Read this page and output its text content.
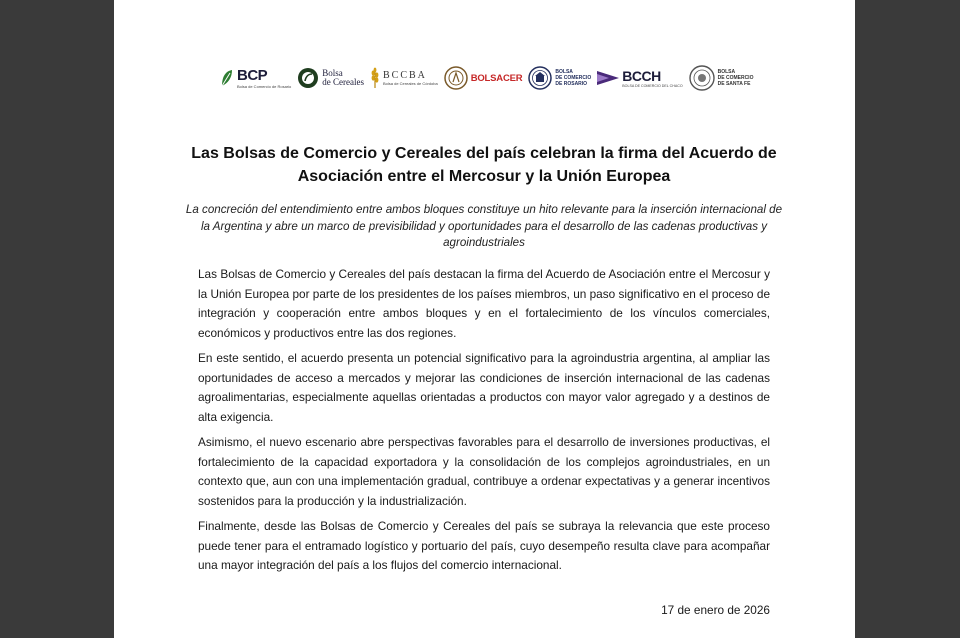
BCP
Bolsa de Comercio de Rosario
Bolsa
de Cereales
BCCBA
Bolsa de Cereales de Córdoba	BOLSACER
BOLSA
DE COMERCIO
DE ROSARIO
BCCH
BOLSA DE COMERCIO DEL CHACO
BOLSA
DE COMERCIO
DE SANTA FE
Las Bolsas de Comercio y Cereales del país celebran la firma del Acuerdo de Asociación entre el Mercosur y la Unión Europea

La concreción del entendimiento entre ambos bloques constituye un hito relevante para la inserción internacional de la Argentina y abre un marco de previsibilidad y oportunidades para el desarrollo de las cadenas productivas y agroindustriales

Las Bolsas de Comercio y Cereales del país destacan la firma del Acuerdo de Asociación entre el Mercosur y la Unión Europea por parte de los presidentes de los países miembros, un paso significativo en el proceso de integración y cooperación entre ambos bloques y en el fortalecimiento de los vínculos comerciales, económicos y productivos entre las dos regiones.

En este sentido, el acuerdo presenta un potencial significativo para la agroindustria argentina, al ampliar las oportunidades de acceso a mercados y mejorar las condiciones de inserción internacional de las cadenas agroalimentarias, especialmente aquellas orientadas a productos con mayor valor agregado y a destinos de alta exigencia.

Asimismo, el nuevo escenario abre perspectivas favorables para el desarrollo de inversiones productivas, el fortalecimiento de la capacidad exportadora y la consolidación de los complejos agroindustriales, en un contexto que, aun con una implementación gradual, contribuye a ordenar expectativas y a generar incentivos sostenidos para la producción y la industrialización.

Finalmente, desde las Bolsas de Comercio y Cereales del país se subraya la relevancia que este proceso puede tener para el entramado logístico y portuario del país, cuyo desempeño resulta clave para acompañar una mayor integración del país a los flujos del comercio internacional.

17 de enero de 2026
